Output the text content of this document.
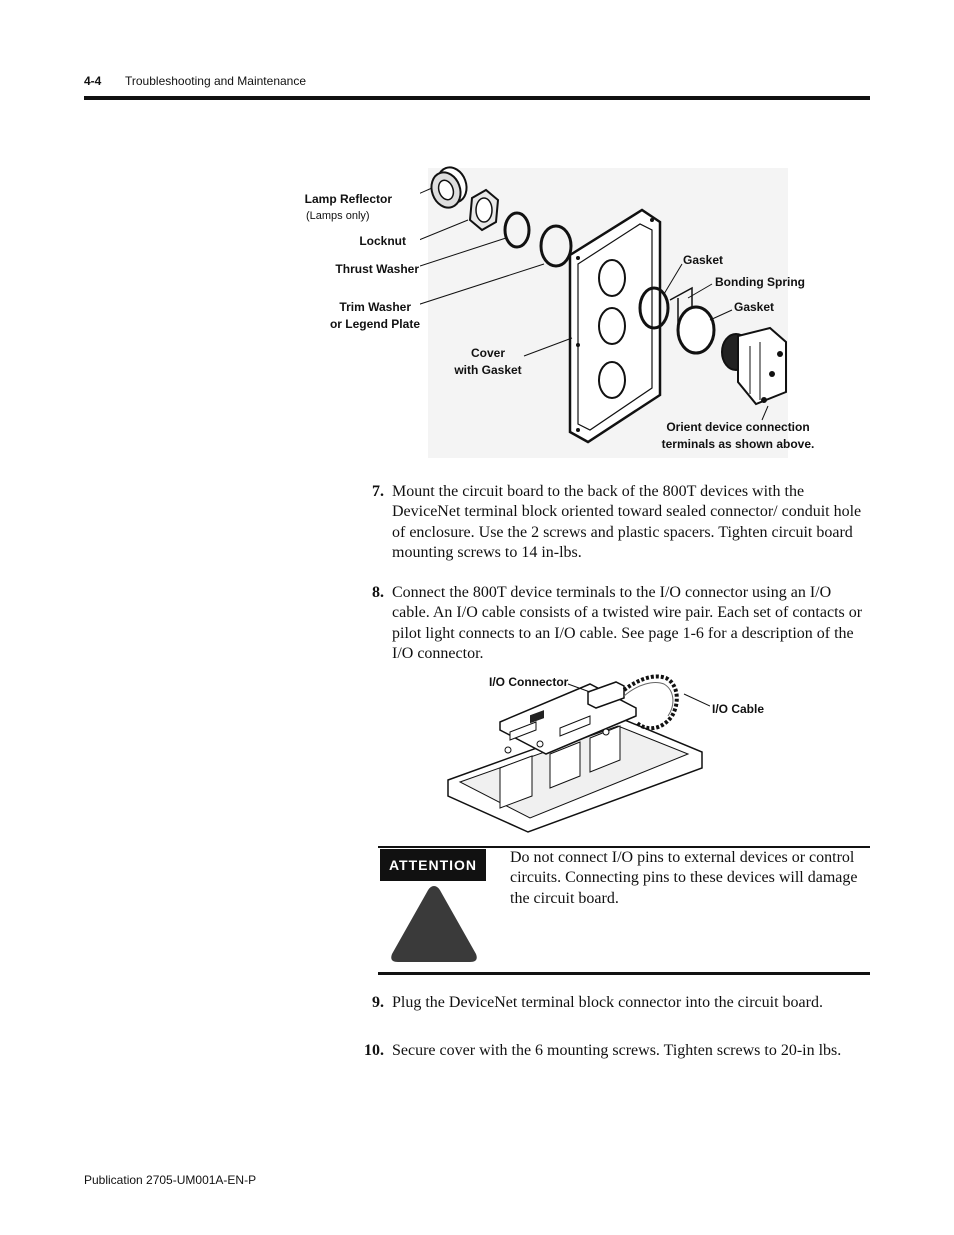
4-4 Troubleshooting and Maintenance
Lamp Reflector
(Lamps only)
Locknut
Thrust Washer
Trim Washer
or Legend Plate
Cover
with Gasket
Gasket
Bonding Spring
Gasket
Orient device connection
terminals as shown above.
7. Mount the circuit board to the back of the 800T devices with the DeviceNet terminal block oriented toward sealed connector/ conduit hole of enclosure. Use the 2 screws and plastic spacers. Tighten circuit board mounting screws to 14 in-lbs.
8. Connect the 800T device terminals to the I/O connector using an I/O cable. An I/O cable consists of a twisted wire pair. Each set of contacts or pilot light connects to an I/O cable. See page 1-6 for a description of the I/O connector.
I/O Connector
I/O Cable
ATTENTION	Do not connect I/O pins to external devices or control circuits. Connecting pins to these devices will damage the circuit board.
9. Plug the DeviceNet terminal block connector into the circuit board.
10. Secure cover with the 6 mounting screws. Tighten screws to 20-in lbs.
Publication 2705-UM001A-EN-P
